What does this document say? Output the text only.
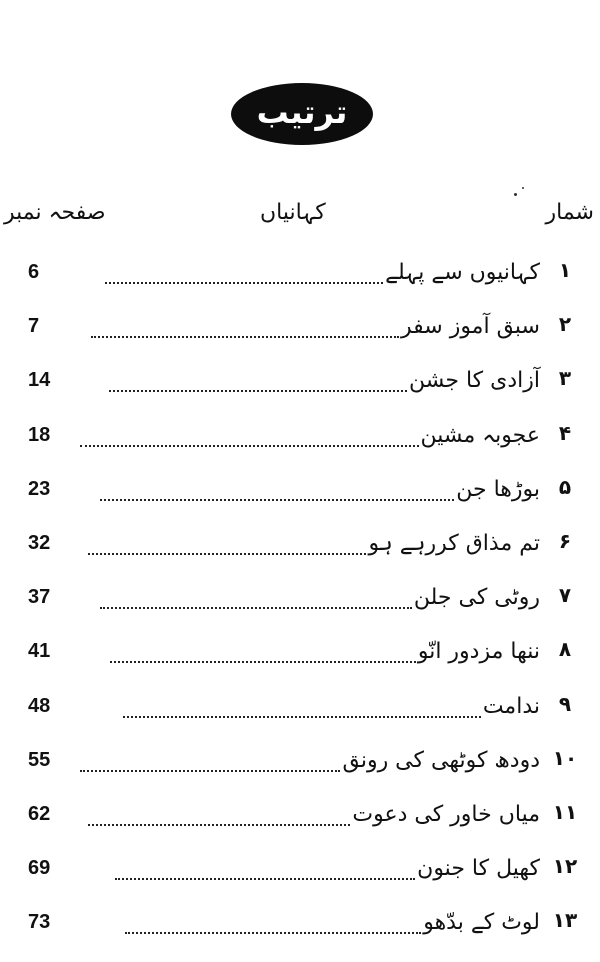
ترتیب
شمار
کہانیاں
صفحہ نمبر
۱
کہانیوں سے پہلے
6
۲
سبق آموز سفر
7
۳
آزادی کا جشن
14
۴
عجوبہ مشین
18
۵
بوڑھا جن
23
۶
تم مذاق کررہے ہو
32
۷
روٹی کی جلن
37
۸
ننھا مزدور انّو
41
۹
ندامت
48
۱۰
دودھ کوٹھی کی رونق
55
۱۱
میاں خاور کی دعوت
62
۱۲
کھیل کا جنون
69
۱۳
لوٹ کے بدّھو
73
